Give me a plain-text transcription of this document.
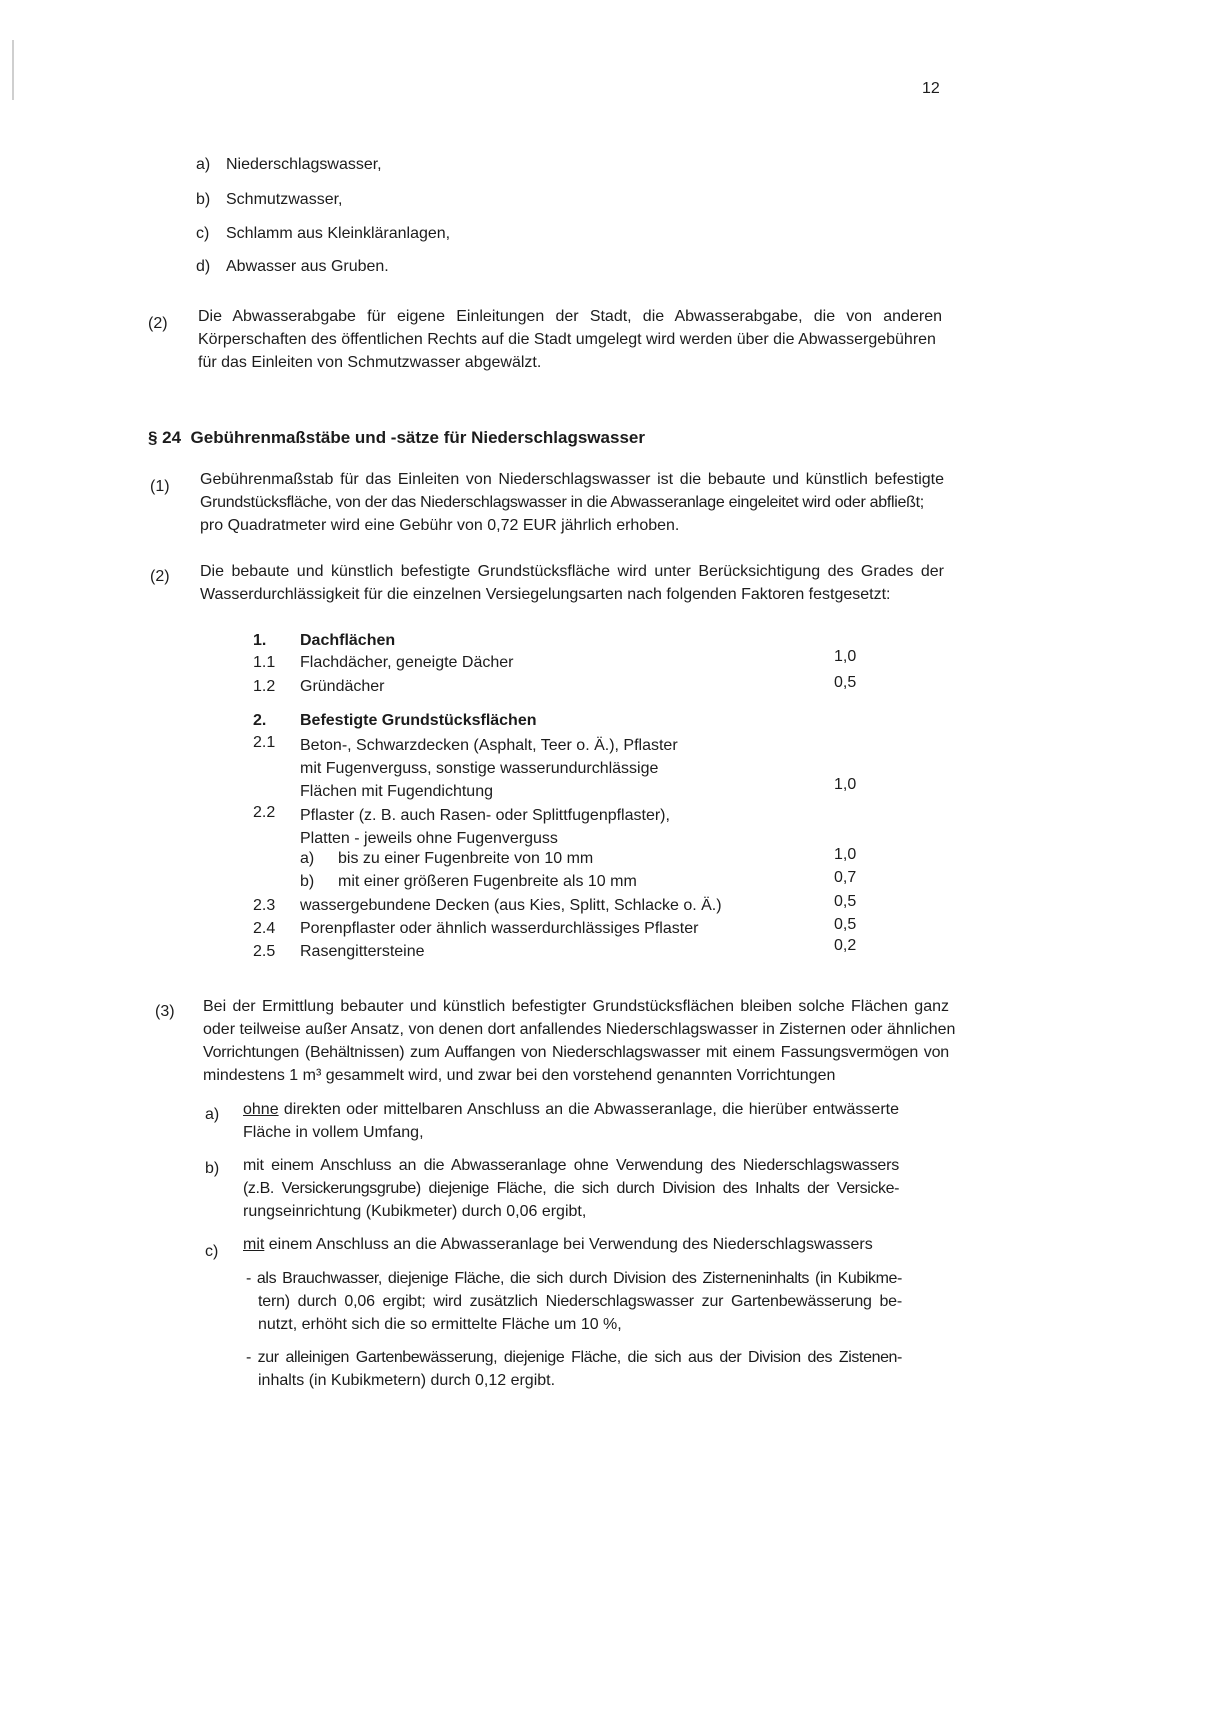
12
a) Niederschlagswasser,
b) Schmutzwasser,
c) Schlamm aus Kleinkläranlagen,
d) Abwasser aus Gruben.
(2) Die Abwasserabgabe für eigene Einleitungen der Stadt, die Abwasserabgabe, die von anderen
Körperschaften des öffentlichen Rechts auf die Stadt umgelegt wird werden über die Abwassergebühren
für das Einleiten von Schmutzwasser abgewälzt.
§ 24 Gebührenmaßstäbe und -sätze für Niederschlagswasser
(1) Gebührenmaßstab für das Einleiten von Niederschlagswasser ist die bebaute und künstlich befestigte
Grundstücksfläche, von der das Niederschlagswasser in die Abwasseranlage eingeleitet wird oder abfließt;
pro Quadratmeter wird eine Gebühr von 0,72 EUR jährlich erhoben.
(2) Die bebaute und künstlich befestigte Grundstücksfläche wird unter Berücksichtigung des Grades der
Wasserdurchlässigkeit für die einzelnen Versiegelungsarten nach folgenden Faktoren festgesetzt:
1. Dachflächen
1.1 Flachdächer, geneigte Dächer	1,0
1.2 Gründächer	0,5
2. Befestigte Grundstücksflächen
2.1 Beton-, Schwarzdecken (Asphalt, Teer o. Ä.), Pflaster
mit Fugenverguss, sonstige wasserundurchlässige
Flächen mit Fugendichtung	1,0
2.2 Pflaster (z. B. auch Rasen- oder Splittfugenpflaster),
Platten - jeweils ohne Fugenverguss
a) bis zu einer Fugenbreite von 10 mm	1,0
b) mit einer größeren Fugenbreite als 10 mm	0,7
2.3 wassergebundene Decken (aus Kies, Splitt, Schlacke o. Ä.)	0,5
2.4 Porenpflaster oder ähnlich wasserdurchlässiges Pflaster	0,5
2.5 Rasengittersteine	0,2
(3) Bei der Ermittlung bebauter und künstlich befestigter Grundstücksflächen bleiben solche Flächen ganz
oder teilweise außer Ansatz, von denen dort anfallendes Niederschlagswasser in Zisternen oder ähnlichen
Vorrichtungen (Behältnissen) zum Auffangen von Niederschlagswasser mit einem Fassungsvermögen von
mindestens 1 m³ gesammelt wird, und zwar bei den vorstehend genannten Vorrichtungen
a) ohne direkten oder mittelbaren Anschluss an die Abwasseranlage, die hierüber entwässerte
Fläche in vollem Umfang,
b) mit einem Anschluss an die Abwasseranlage ohne Verwendung des Niederschlagswassers
(z.B. Versickerungsgrube) diejenige Fläche, die sich durch Division des Inhalts der Versicke-
rungseinrichtung (Kubikmeter) durch 0,06 ergibt,
c) mit einem Anschluss an die Abwasseranlage bei Verwendung des Niederschlagswassers
- als Brauchwasser, diejenige Fläche, die sich durch Division des Zisterneninhalts (in Kubikme-
tern) durch 0,06 ergibt; wird zusätzlich Niederschlagswasser zur Gartenbewässerung be-
nutzt, erhöht sich die so ermittelte Fläche um 10 %,
- zur alleinigen Gartenbewässerung, diejenige Fläche, die sich aus der Division des Zistenen-
inhalts (in Kubikmetern) durch 0,12 ergibt.
